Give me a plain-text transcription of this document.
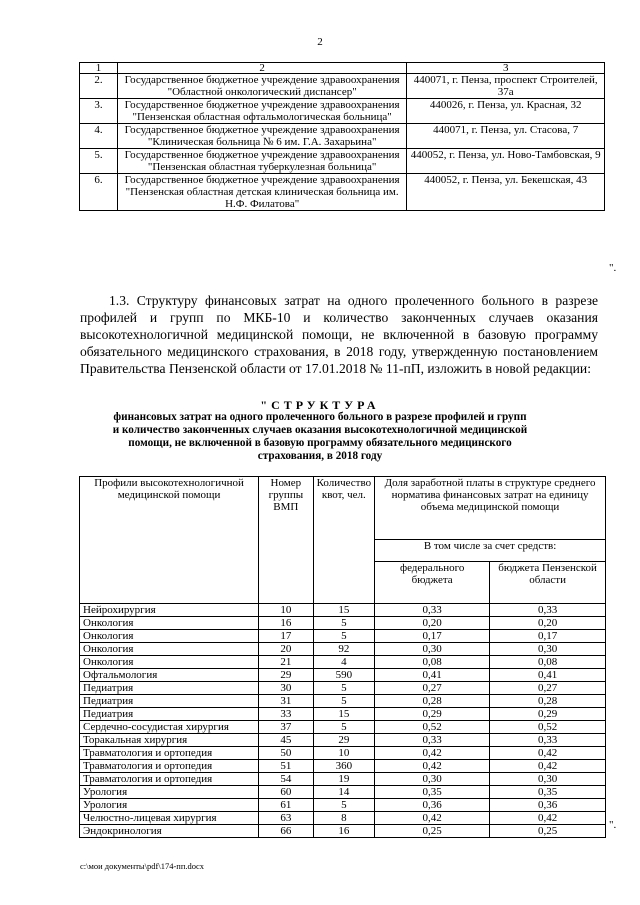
2
1	2	3
2.	Государственное бюджетное учреждение здравоохранения "Областной онкологический диспансер"	440071, г. Пенза, проспект Строителей, 37а
3.	Государственное бюджетное учреждение здравоохранения "Пензенская областная офтальмологическая больница"	440026, г. Пенза, ул. Красная, 32
4.	Государственное бюджетное учреждение здравоохранения "Клиническая больница № 6 им. Г.А. Захарьина"	440071, г. Пенза, ул. Стасова, 7
5.	Государственное бюджетное учреждение здравоохранения "Пензенская областная туберкулезная больница"	440052, г. Пенза, ул. Ново-Тамбовская, 9
6.	Государственное бюджетное учреждение здравоохранения "Пензенская областная детская клиническая больница им. Н.Ф. Филатова"	440052, г. Пенза, ул. Бекешская, 43
".
1.3. Структуру финансовых затрат на одного пролеченного больного в разрезе профилей и групп по МКБ-10 и количество законченных случаев оказания высокотехнологичной медицинской помощи, не включенной в базовую программу обязательного медицинского страхования, в 2018 году, утвержденную постановлением Правительства Пензенской области от 17.01.2018 № 11-пП, изложить в новой редакции:
"СТРУКТУРА
финансовых затрат на одного пролеченного больного в разрезе профилей и групп и количество законченных случаев оказания высокотехнологичной медицинской помощи, не включенной в базовую программу обязательного медицинского страхования, в 2018 году
Профили высокотехнологичной медицинской помощи	Номер группы ВМП	Количество квот, чел.	Доля заработной платы в структуре среднего норматива финансовых затрат на единицу объема медицинской помощи	
			В том числе за счет средств:	
			федерального бюджета	бюджета Пензенской области
Нейрохирургия	10	15	0,33	0,33
Онкология	16	5	0,20	0,20
Онкология	17	5	0,17	0,17
Онкология	20	92	0,30	0,30
Онкология	21	4	0,08	0,08
Офтальмология	29	590	0,41	0,41
Педиатрия	30	5	0,27	0,27
Педиатрия	31	5	0,28	0,28
Педиатрия	33	15	0,29	0,29
Сердечно-сосудистая хирургия	37	5	0,52	0,52
Торакальная хирургия	45	29	0,33	0,33
Травматология и ортопедия	50	10	0,42	0,42
Травматология и ортопедия	51	360	0,42	0,42
Травматология и ортопедия	54	19	0,30	0,30
Урология	60	14	0,35	0,35
Урология	61	5	0,36	0,36
Челюстно-лицевая хирургия	63	8	0,42	0,42
Эндокринология	66	16	0,25	0,25	".
c:\мои документы\pdf\174-пп.docx
